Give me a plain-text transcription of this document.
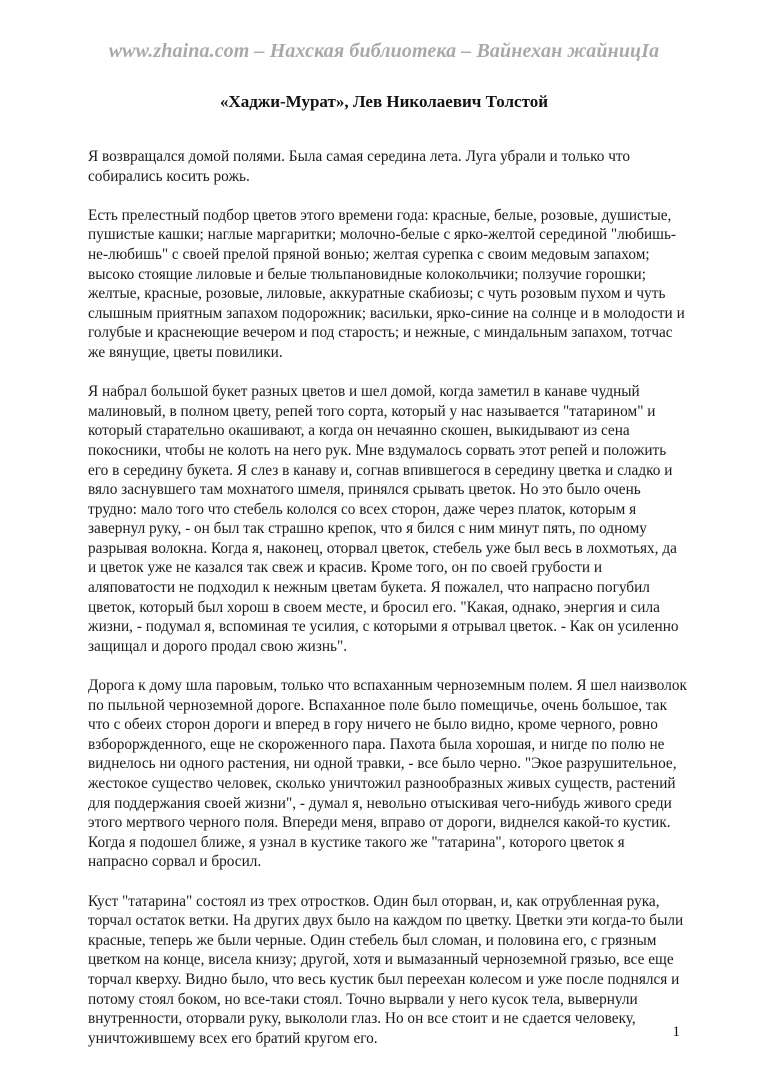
www.zhaina.com – Нахская библиотека – Вайнехан жайницIа
«Хаджи-Мурат», Лев Николаевич Толстой

Я возвращался домой полями. Была самая середина лета. Луга убрали и только что собирались косить рожь.

Есть прелестный подбор цветов этого времени года: красные, белые, розовые, душистые, пушистые кашки; наглые маргаритки; молочно-белые с ярко-желтой серединой "любишь-не-любишь" с своей прелой пряной вонью; желтая сурепка с своим медовым запахом; высоко стоящие лиловые и белые тюльпановидные колокольчики; ползучие горошки; желтые, красные, розовые, лиловые, аккуратные скабиозы; с чуть розовым пухом и чуть слышным приятным запахом подорожник; васильки, ярко-синие на солнце и в молодости и голубые и краснеющие вечером и под старость; и нежные, с миндальным запахом, тотчас же вянущие, цветы повилики.

Я набрал большой букет разных цветов и шел домой, когда заметил в канаве чудный малиновый, в полном цвету, репей того сорта, который у нас называется "татарином" и который старательно окашивают, а когда он нечаянно скошен, выкидывают из сена покосники, чтобы не колоть на него рук. Мне вздумалось сорвать этот репей и положить его в середину букета. Я слез в канаву и, согнав впившегося в середину цветка и сладко и вяло заснувшего там мохнатого шмеля, принялся срывать цветок. Но это было очень трудно: мало того что стебель кололся со всех сторон, даже через платок, которым я завернул руку, - он был так страшно крепок, что я бился с ним минут пять, по одному разрывая волокна. Когда я, наконец, оторвал цветок, стебель уже был весь в лохмотьях, да и цветок уже не казался так свеж и красив. Кроме того, он по своей грубости и аляповатости не подходил к нежным цветам букета. Я пожалел, что напрасно погубил цветок, который был хорош в своем месте, и бросил его. "Какая, однако, энергия и сила жизни, - подумал я, вспоминая те усилия, с которыми я отрывал цветок. - Как он усиленно защищал и дорого продал свою жизнь".

Дорога к дому шла паровым, только что вспаханным черноземным полем. Я шел наизволок по пыльной черноземной дороге. Вспаханное поле было помещичье, очень большое, так что с обеих сторон дороги и вперед в гору ничего не было видно, кроме черного, ровно взбороржденного, еще не скороженного пара. Пахота была хорошая, и нигде по полю не виднелось ни одного растения, ни одной травки, - все было черно. "Экое разрушительное, жестокое существо человек, сколько уничтожил разнообразных живых существ, растений для поддержания своей жизни", - думал я, невольно отыскивая чего-нибудь живого среди этого мертвого черного поля. Впереди меня, вправо от дороги, виднелся какой-то кустик. Когда я подошел ближе, я узнал в кустике такого же "татарина", которого цветок я напрасно сорвал и бросил.

Куст "татарина" состоял из трех отростков. Один был оторван, и, как отрубленная рука, торчал остаток ветки. На других двух было на каждом по цветку. Цветки эти когда-то были красные, теперь же были черные. Один стебель был сломан, и половина его, с грязным цветком на конце, висела книзу; другой, хотя и вымазанный черноземной грязью, все еще торчал кверху. Видно было, что весь кустик был переехан колесом и уже после поднялся и потому стоял боком, но все-таки стоял. Точно вырвали у него кусок тела, вывернули внутренности, оторвали руку, выкололи глаз. Но он все стоит и не сдается человеку, уничтожившему всех его братий кругом его.	1
